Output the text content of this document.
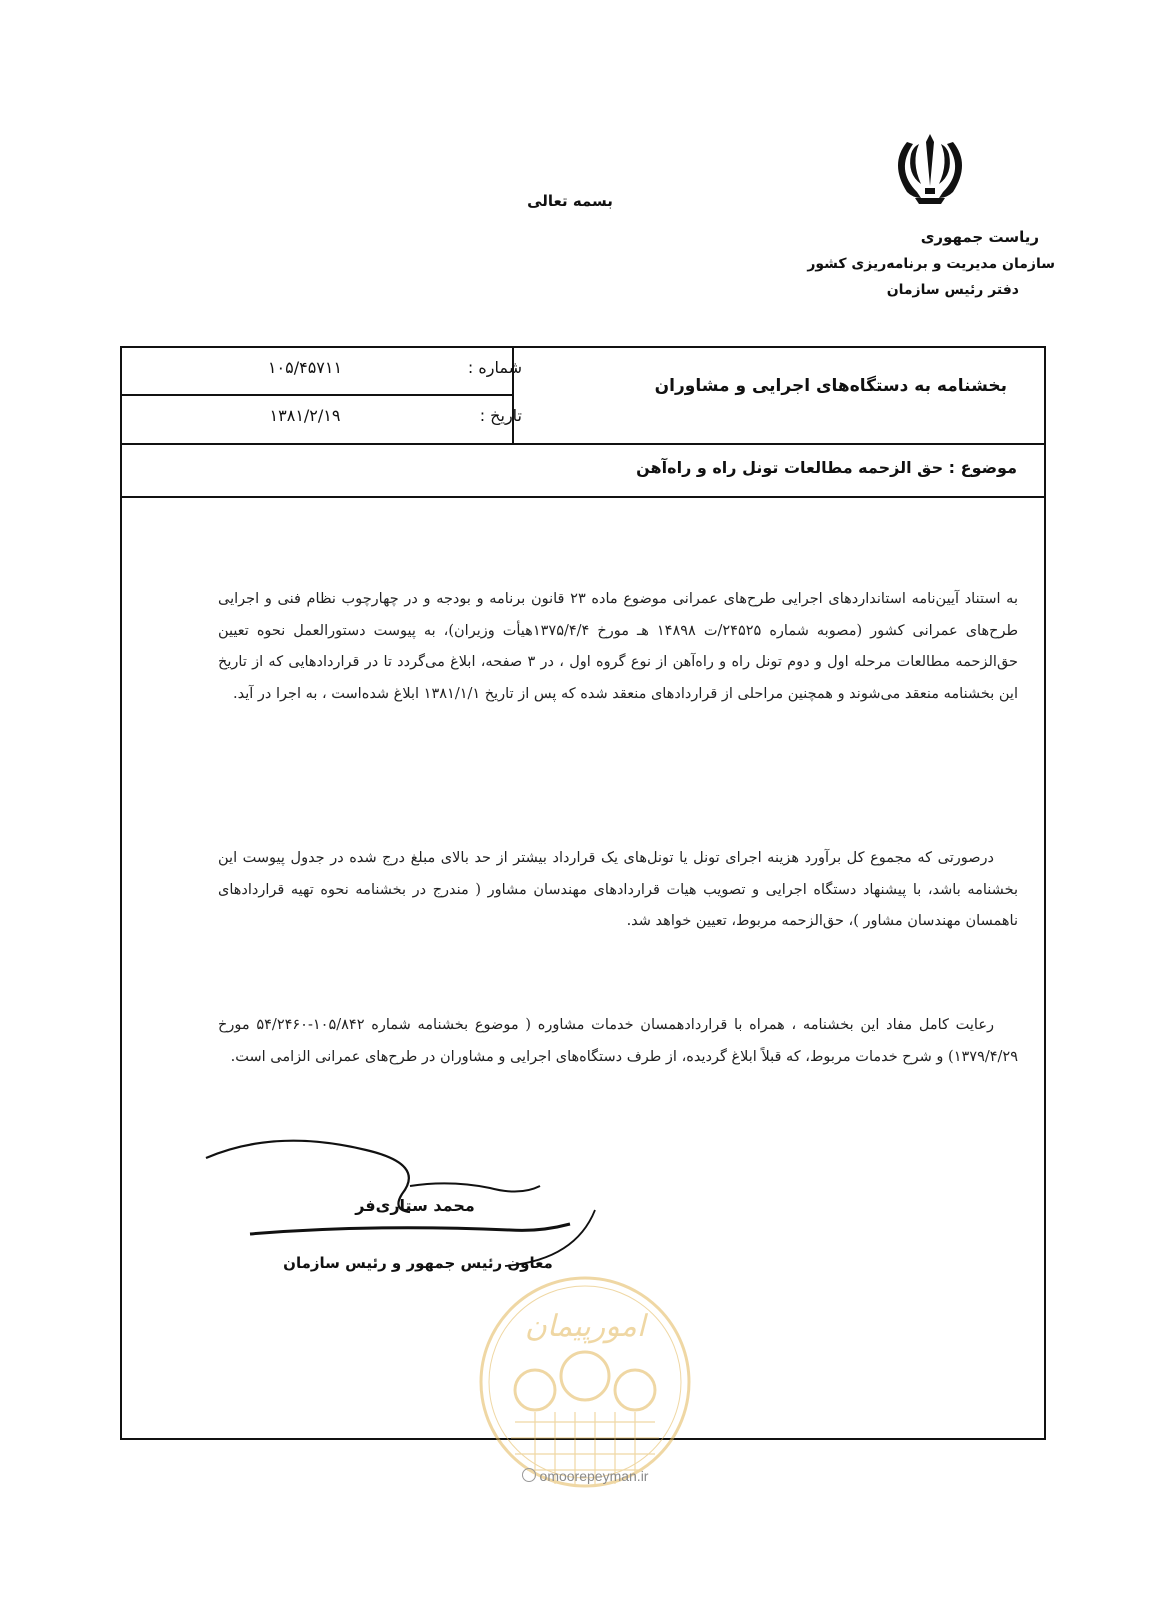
بسمه تعالی
ریاست جمهوری
سازمان مدیریت و برنامه‌ریزی کشور
دفتر رئیس سازمان
بخشنامه به دستگاه‌های اجرایی و مشاوران
شماره :
۱۰۵/۴۵۷۱۱
تاریخ :
۱۳۸۱/۲/۱۹
موضوع : حق الزحمه مطالعات تونل راه و راه‌آهن
به استناد آیین‌نامه استانداردهای اجرایی طرح‌های عمرانی موضوع ماده ۲۳ قانون برنامه و بودجه و در چهارچوب نظام فنی و اجرایی طرح‌های عمرانی کشور (مصوبه شماره ۲۴۵۲۵/ت ۱۴۸۹۸ هـ مورخ ۱۳۷۵/۴/۴هیأت وزیران)، به پیوست دستورالعمل نحوه تعیین حق‌الزحمه مطالعات مرحله اول و دوم تونل راه و راه‌آهن از نوع گروه اول ، در ۳ صفحه، ابلاغ می‌گردد تا در قراردادهایی که از تاریخ این بخشنامه منعقد می‌شوند و همچنین مراحلی از قراردادهای منعقد شده که پس از تاریخ ۱۳۸۱/۱/۱ ابلاغ شده‌است ، به اجرا در آید.
درصورتی که مجموع کل برآورد هزینه اجرای تونل یا تونل‌های یک قرارداد بیشتر از حد بالای مبلغ درج شده در جدول پیوست این بخشنامه باشد، با پیشنهاد دستگاه اجرایی و تصویب هیات قراردادهای مهندسان مشاور ( مندرج در بخشنامه نحوه تهیه قراردادهای ناهمسان مهندسان مشاور )، حق‌الزحمه مربوط، تعیین خواهد شد.
رعایت کامل مفاد این بخشنامه ، همراه با قراردادهمسان خدمات مشاوره ( موضوع بخشنامه شماره ۱۰۵/۸۴۲-۵۴/۲۴۶۰ مورخ ۱۳۷۹/۴/۲۹) و شرح خدمات مربوط، که قبلاً ابلاغ گردیده، از طرف دستگاه‌های اجرایی و مشاوران در طرح‌های عمرانی الزامی است.
محمد ستاری‌فر
معاون رئیس جمهور و رئیس سازمان
امورپیمان
omoorepeyman.ir
